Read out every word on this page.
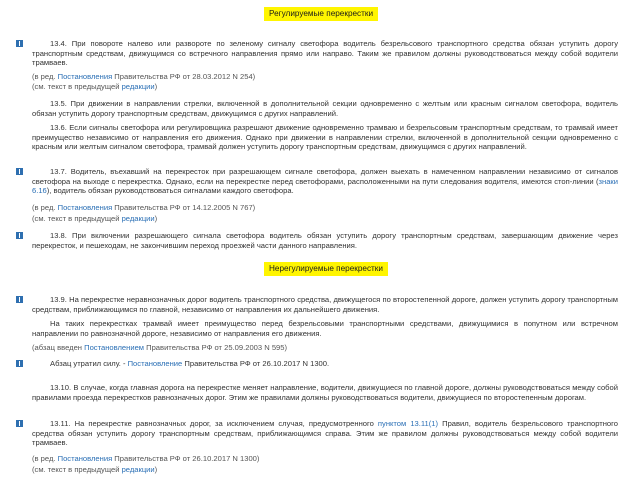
Регулируемые перекрестки
13.4. При повороте налево или развороте по зеленому сигналу светофора водитель безрельсового транспортного средства обязан уступить дорогу транспортным средствам, движущимся со встречного направления прямо или направо. Таким же правилом должны руководствоваться между собой водители трамваев.
(в ред. Постановления Правительства РФ от 28.03.2012 N 254)
(см. текст в предыдущей редакции)
13.5. При движении в направлении стрелки, включенной в дополнительной секции одновременно с желтым или красным сигналом светофора, водитель обязан уступить дорогу транспортным средствам, движущимся с других направлений.
13.6. Если сигналы светофора или регулировщика разрешают движение одновременно трамваю и безрельсовым транспортным средствам, то трамвай имеет преимущество независимо от направления его движения. Однако при движении в направлении стрелки, включенной в дополнительной секции одновременно с красным или желтым сигналом светофора, трамвай должен уступить дорогу транспортным средствам, движущимся с других направлений.
13.7. Водитель, въехавший на перекресток при разрешающем сигнале светофора, должен выехать в намеченном направлении независимо от сигналов светофора на выходе с перекрестка. Однако, если на перекрестке перед светофорами, расположенными на пути следования водителя, имеются стоп-линии (знаки 6.16), водитель обязан руководствоваться сигналами каждого светофора.
(в ред. Постановления Правительства РФ от 14.12.2005 N 767)
(см. текст в предыдущей редакции)
13.8. При включении разрешающего сигнала светофора водитель обязан уступить дорогу транспортным средствам, завершающим движение через перекресток, и пешеходам, не закончившим переход проезжей части данного направления.
Нерегулируемые перекрестки
13.9. На перекрестке неравнозначных дорог водитель транспортного средства, движущегося по второстепенной дороге, должен уступить дорогу транспортным средствам, приближающимся по главной, независимо от направления их дальнейшего движения.
На таких перекрестках трамвай имеет преимущество перед безрельсовыми транспортными средствами, движущимися в попутном или встречном направлении по равнозначной дороге, независимо от направления его движения.
(абзац введен Постановлением Правительства РФ от 25.09.2003 N 595)
Абзац утратил силу. - Постановление Правительства РФ от 26.10.2017 N 1300.
13.10. В случае, когда главная дорога на перекрестке меняет направление, водители, движущиеся по главной дороге, должны руководствоваться между собой правилами проезда перекрестков равнозначных дорог. Этим же правилами должны руководствоваться водители, движущиеся по второстепенным дорогам.
13.11. На перекрестке равнозначных дорог, за исключением случая, предусмотренного пунктом 13.11(1) Правил, водитель безрельсового транспортного средства обязан уступить дорогу транспортным средствам, приближающимся справа. Этим же правилом должны руководствоваться между собой водители трамваев.
(в ред. Постановления Правительства РФ от 26.10.2017 N 1300)
(см. текст в предыдущей редакции)
